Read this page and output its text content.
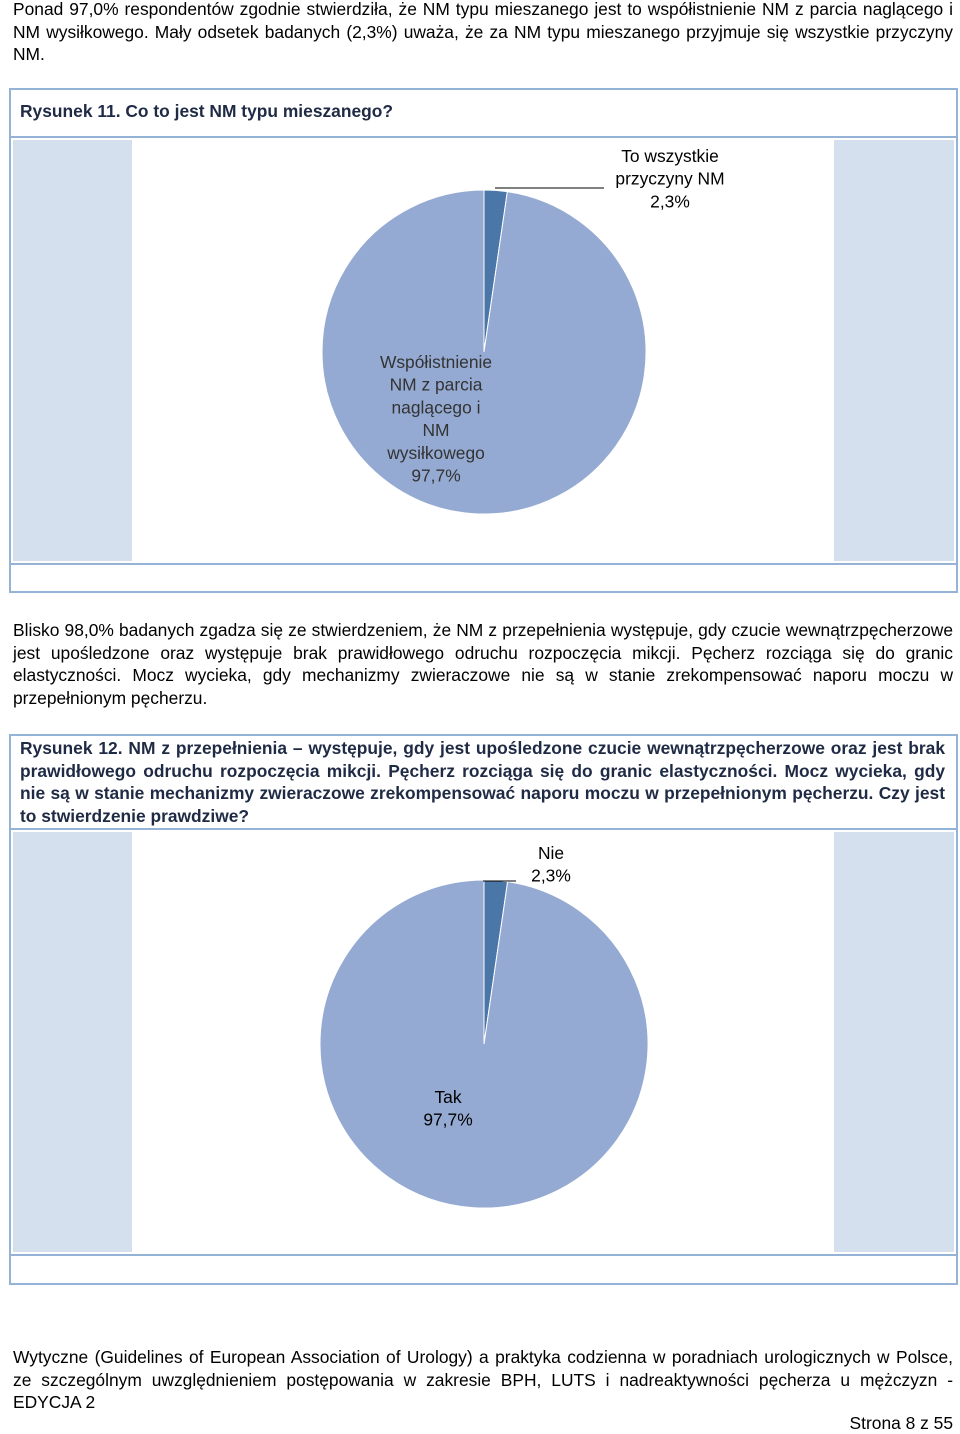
Ponad 97,0% respondentów zgodnie stwierdziła, że NM typu mieszanego jest to współistnienie NM z parcia naglącego i NM wysiłkowego. Mały odsetek badanych (2,3%) uważa, że za NM typu mieszanego przyjmuje się wszystkie przyczyny NM.
Rysunek 11. Co to jest NM typu mieszanego?
To wszystkie przyczyny NM 2,3%
Współistnienie NM z parcia naglącego i NM wysiłkowego 97,7%
Blisko 98,0% badanych zgadza się ze stwierdzeniem, że NM z przepełnienia występuje, gdy czucie wewnątrzpęcherzowe jest upośledzone oraz występuje brak prawidłowego odruchu rozpoczęcia mikcji. Pęcherz rozciąga się do granic elastyczności. Mocz wycieka, gdy mechanizmy zwieraczowe nie są w stanie zrekompensować naporu moczu w przepełnionym pęcherzu.
Rysunek 12. NM z przepełnienia – występuje, gdy jest upośledzone czucie wewnątrzpęcherzowe oraz jest brak prawidłowego odruchu rozpoczęcia mikcji. Pęcherz rozciąga się do granic elastyczności. Mocz wycieka, gdy nie są w stanie mechanizmy zwieraczowe zrekompensować naporu moczu w przepełnionym pęcherzu. Czy jest to stwierdzenie prawdziwe?
Nie 2,3%
Tak 97,7%
Wytyczne (Guidelines of European Association of Urology) a praktyka codzienna w poradniach urologicznych w Polsce, ze szczególnym uwzględnieniem postępowania w zakresie BPH, LUTS i nadreaktywności pęcherza u mężczyzn - EDYCJA 2
Strona 8 z 55
